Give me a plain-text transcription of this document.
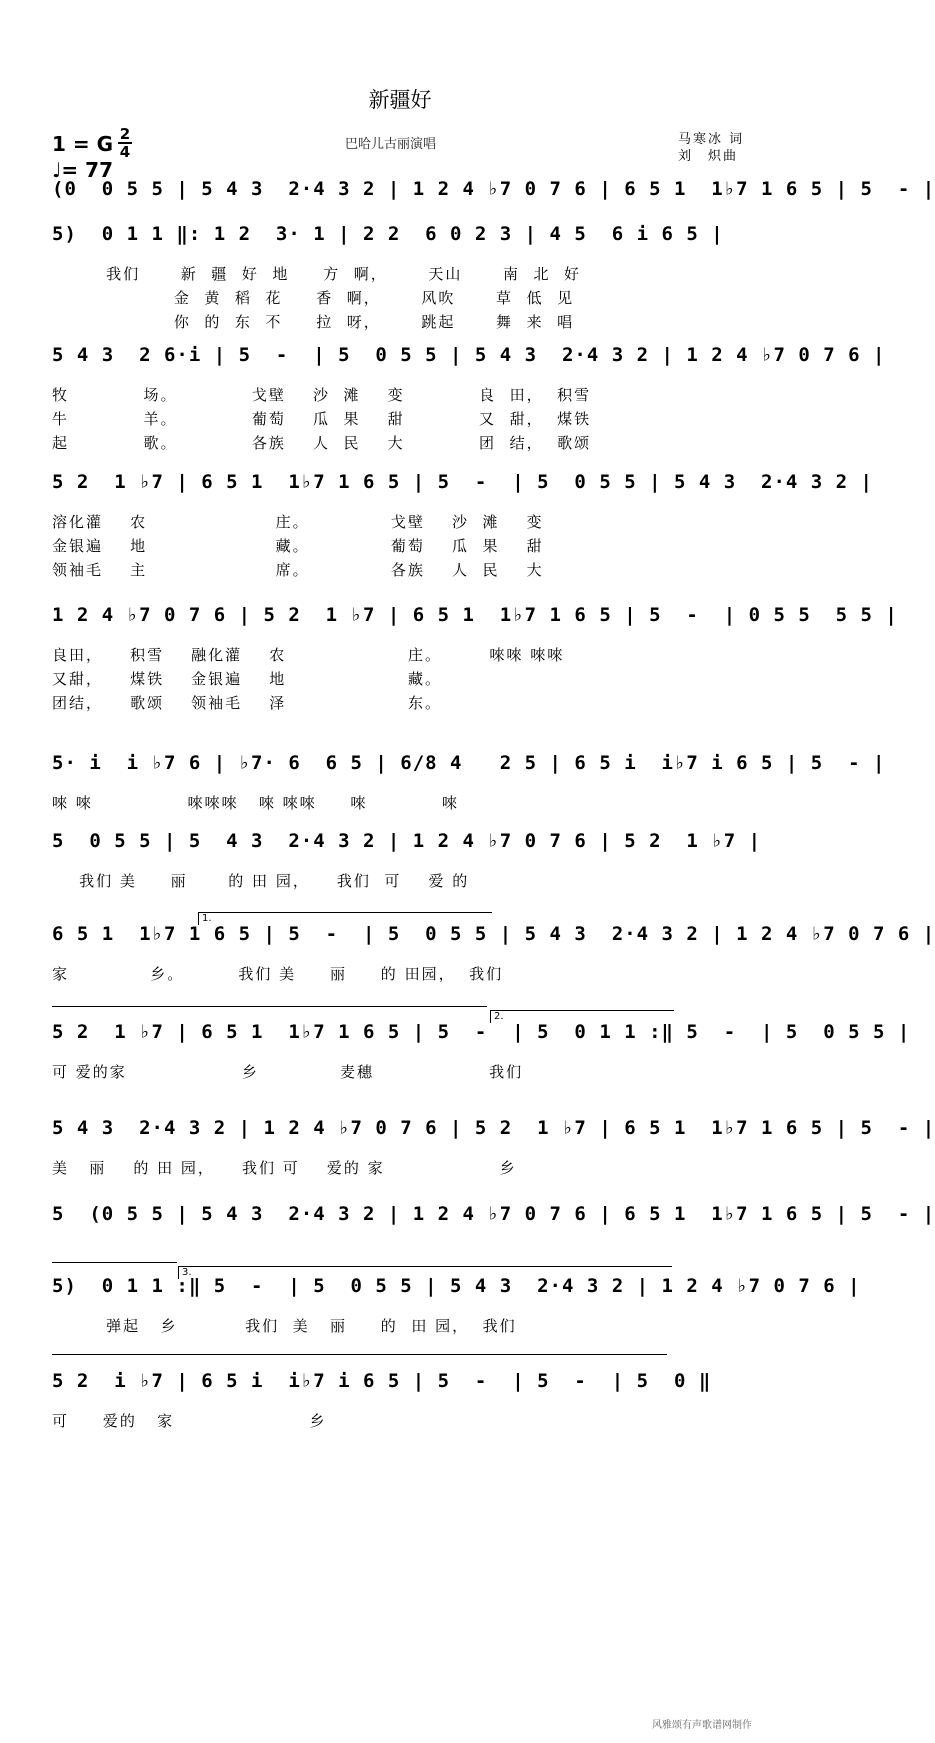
新疆好
巴哈儿古丽演唱	马寒冰 词
刘　炽曲
1 = G 2
4
♩= 77
(0  0 5 5 | 5 4 3  2·4 3 2 | 1 2 4 ♭7 0 7 6 | 6 5 1  1♭7 1 6 5 | 5  - |
5)  0 1 1 ‖: 1 2  3· 1 | 2 2  6 0 2 3 | 4 5  6 i 6 5 |
我们      新  疆  好  地     方  啊，      天山      南  北  好
金  黄  稻  花     香  啊，      风吹      草  低  见
你  的  东  不     拉  呀，      跳起      舞  来  唱
5 4 3  2 6·i | 5  -  | 5  0 5 5 | 5 4 3  2·4 3 2 | 1 2 4 ♭7 0 7 6 |
牧           场。           戈壁    沙  滩    变           良  田，  积雪
牛           羊。           葡萄    瓜  果    甜           又  甜，  煤铁
起           歌。           各族    人  民    大           团  结，  歌颂
5 2  1 ♭7 | 6 5 1  1♭7 1 6 5 | 5  -  | 5  0 5 5 | 5 4 3  2·4 3 2 |
溶化灌    农                   庄。            戈壁    沙  滩    变
金银遍    地                   藏。            葡萄    瓜  果    甜
领袖毛    主                   席。            各族    人  民    大
1 2 4 ♭7 0 7 6 | 5 2  1 ♭7 | 6 5 1  1♭7 1 6 5 | 5  -  | 0 5 5  5 5 |
良田，    积雪    融化灌    农                  庄。       唻唻 唻唻
又甜，    煤铁    金银遍    地                  藏。
团结，    歌颂    领袖毛    泽                  东。
5· i  i ♭7 6 | ♭7· 6  6 5 | 6/8 4   2 5 | 6 5 i  i♭7 i 6 5 | 5  - |
唻 唻              唻唻唻   唻 唻唻     唻           唻
5  0 5 5 | 5  4 3  2·4 3 2 | 1 2 4 ♭7 0 7 6 | 5 2  1 ♭7 |
我们 美     丽      的 田 园，    我们  可    爱 的
6 5 1  1♭7 1 6 5 | 5  -  | 5  0 5 5 | 5 4 3  2·4 3 2 | 1 2 4 ♭7 0 7 6 |
家            乡。        我们 美     丽     的 田园，  我们
5 2  1 ♭7 | 6 5 1  1♭7 1 6 5 | 5  -  | 5  0 1 1 :‖ 5  -  | 5  0 5 5 |
可 爱的家                 乡            麦穗                 我们
5 4 3  2·4 3 2 | 1 2 4 ♭7 0 7 6 | 5 2  1 ♭7 | 6 5 1  1♭7 1 6 5 | 5  - |
美   丽    的 田 园，    我们 可    爱的 家                 乡
5  (0 5 5 | 5 4 3  2·4 3 2 | 1 2 4 ♭7 0 7 6 | 6 5 1  1♭7 1 6 5 | 5  - |
5)  0 1 1 :‖ 5  -  | 5  0 5 5 | 5 4 3  2·4 3 2 | 1 2 4 ♭7 0 7 6 |
弹起   乡          我们  美   丽     的  田 园，  我们
5 2  i ♭7 | 6 5 i  i♭7 i 6 5 | 5  -  | 5  -  | 5  0 ‖
可     爱的   家                    乡
1.
2.
3.
风雅颂有声歌谱网制作
